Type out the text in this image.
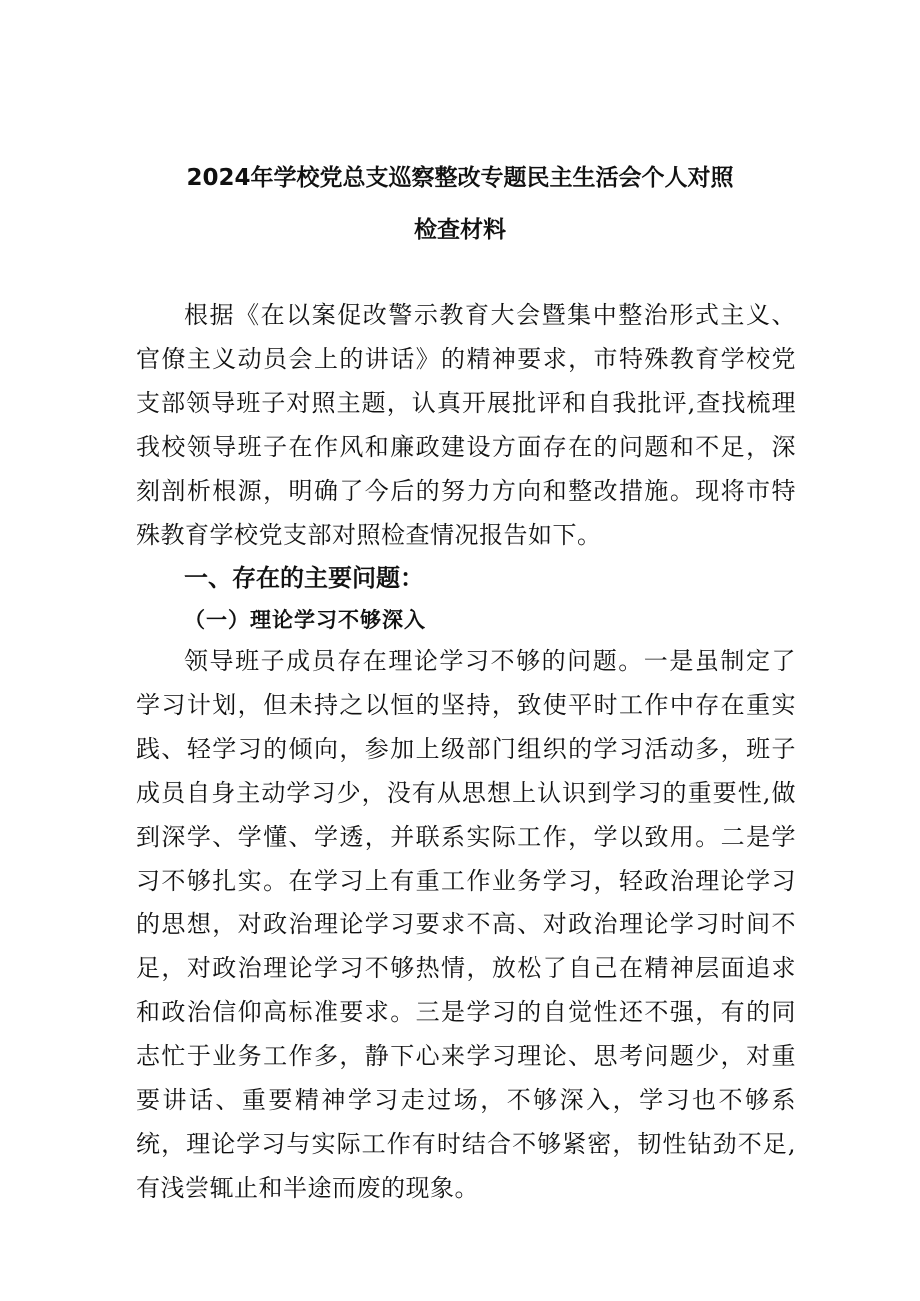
2024年学校党总支巡察整改专题民主生活会个人对照
检查材料

根据《在以案促改警示教育大会暨集中整治形式主义、官僚主义动员会上的讲话》的精神要求，市特殊教育学校党支部领导班子对照主题，认真开展批评和自我批评,查找梳理我校领导班子在作风和廉政建设方面存在的问题和不足，深刻剖析根源，明确了今后的努力方向和整改措施。现将市特殊教育学校党支部对照检查情况报告如下。

一、存在的主要问题：
（一）理论学习不够深入

领导班子成员存在理论学习不够的问题。一是虽制定了学习计划，但未持之以恒的坚持，致使平时工作中存在重实践、轻学习的倾向，参加上级部门组织的学习活动多，班子成员自身主动学习少，没有从思想上认识到学习的重要性,做到深学、学懂、学透，并联系实际工作，学以致用。二是学习不够扎实。在学习上有重工作业务学习，轻政治理论学习的思想，对政治理论学习要求不高、对政治理论学习时间不足，对政治理论学习不够热情，放松了自己在精神层面追求和政治信仰高标准要求。三是学习的自觉性还不强，有的同志忙于业务工作多，静下心来学习理论、思考问题少，对重要讲话、重要精神学习走过场，不够深入，学习也不够系统，理论学习与实际工作有时结合不够紧密，韧性钻劲不足,有浅尝辄止和半途而废的现象。
